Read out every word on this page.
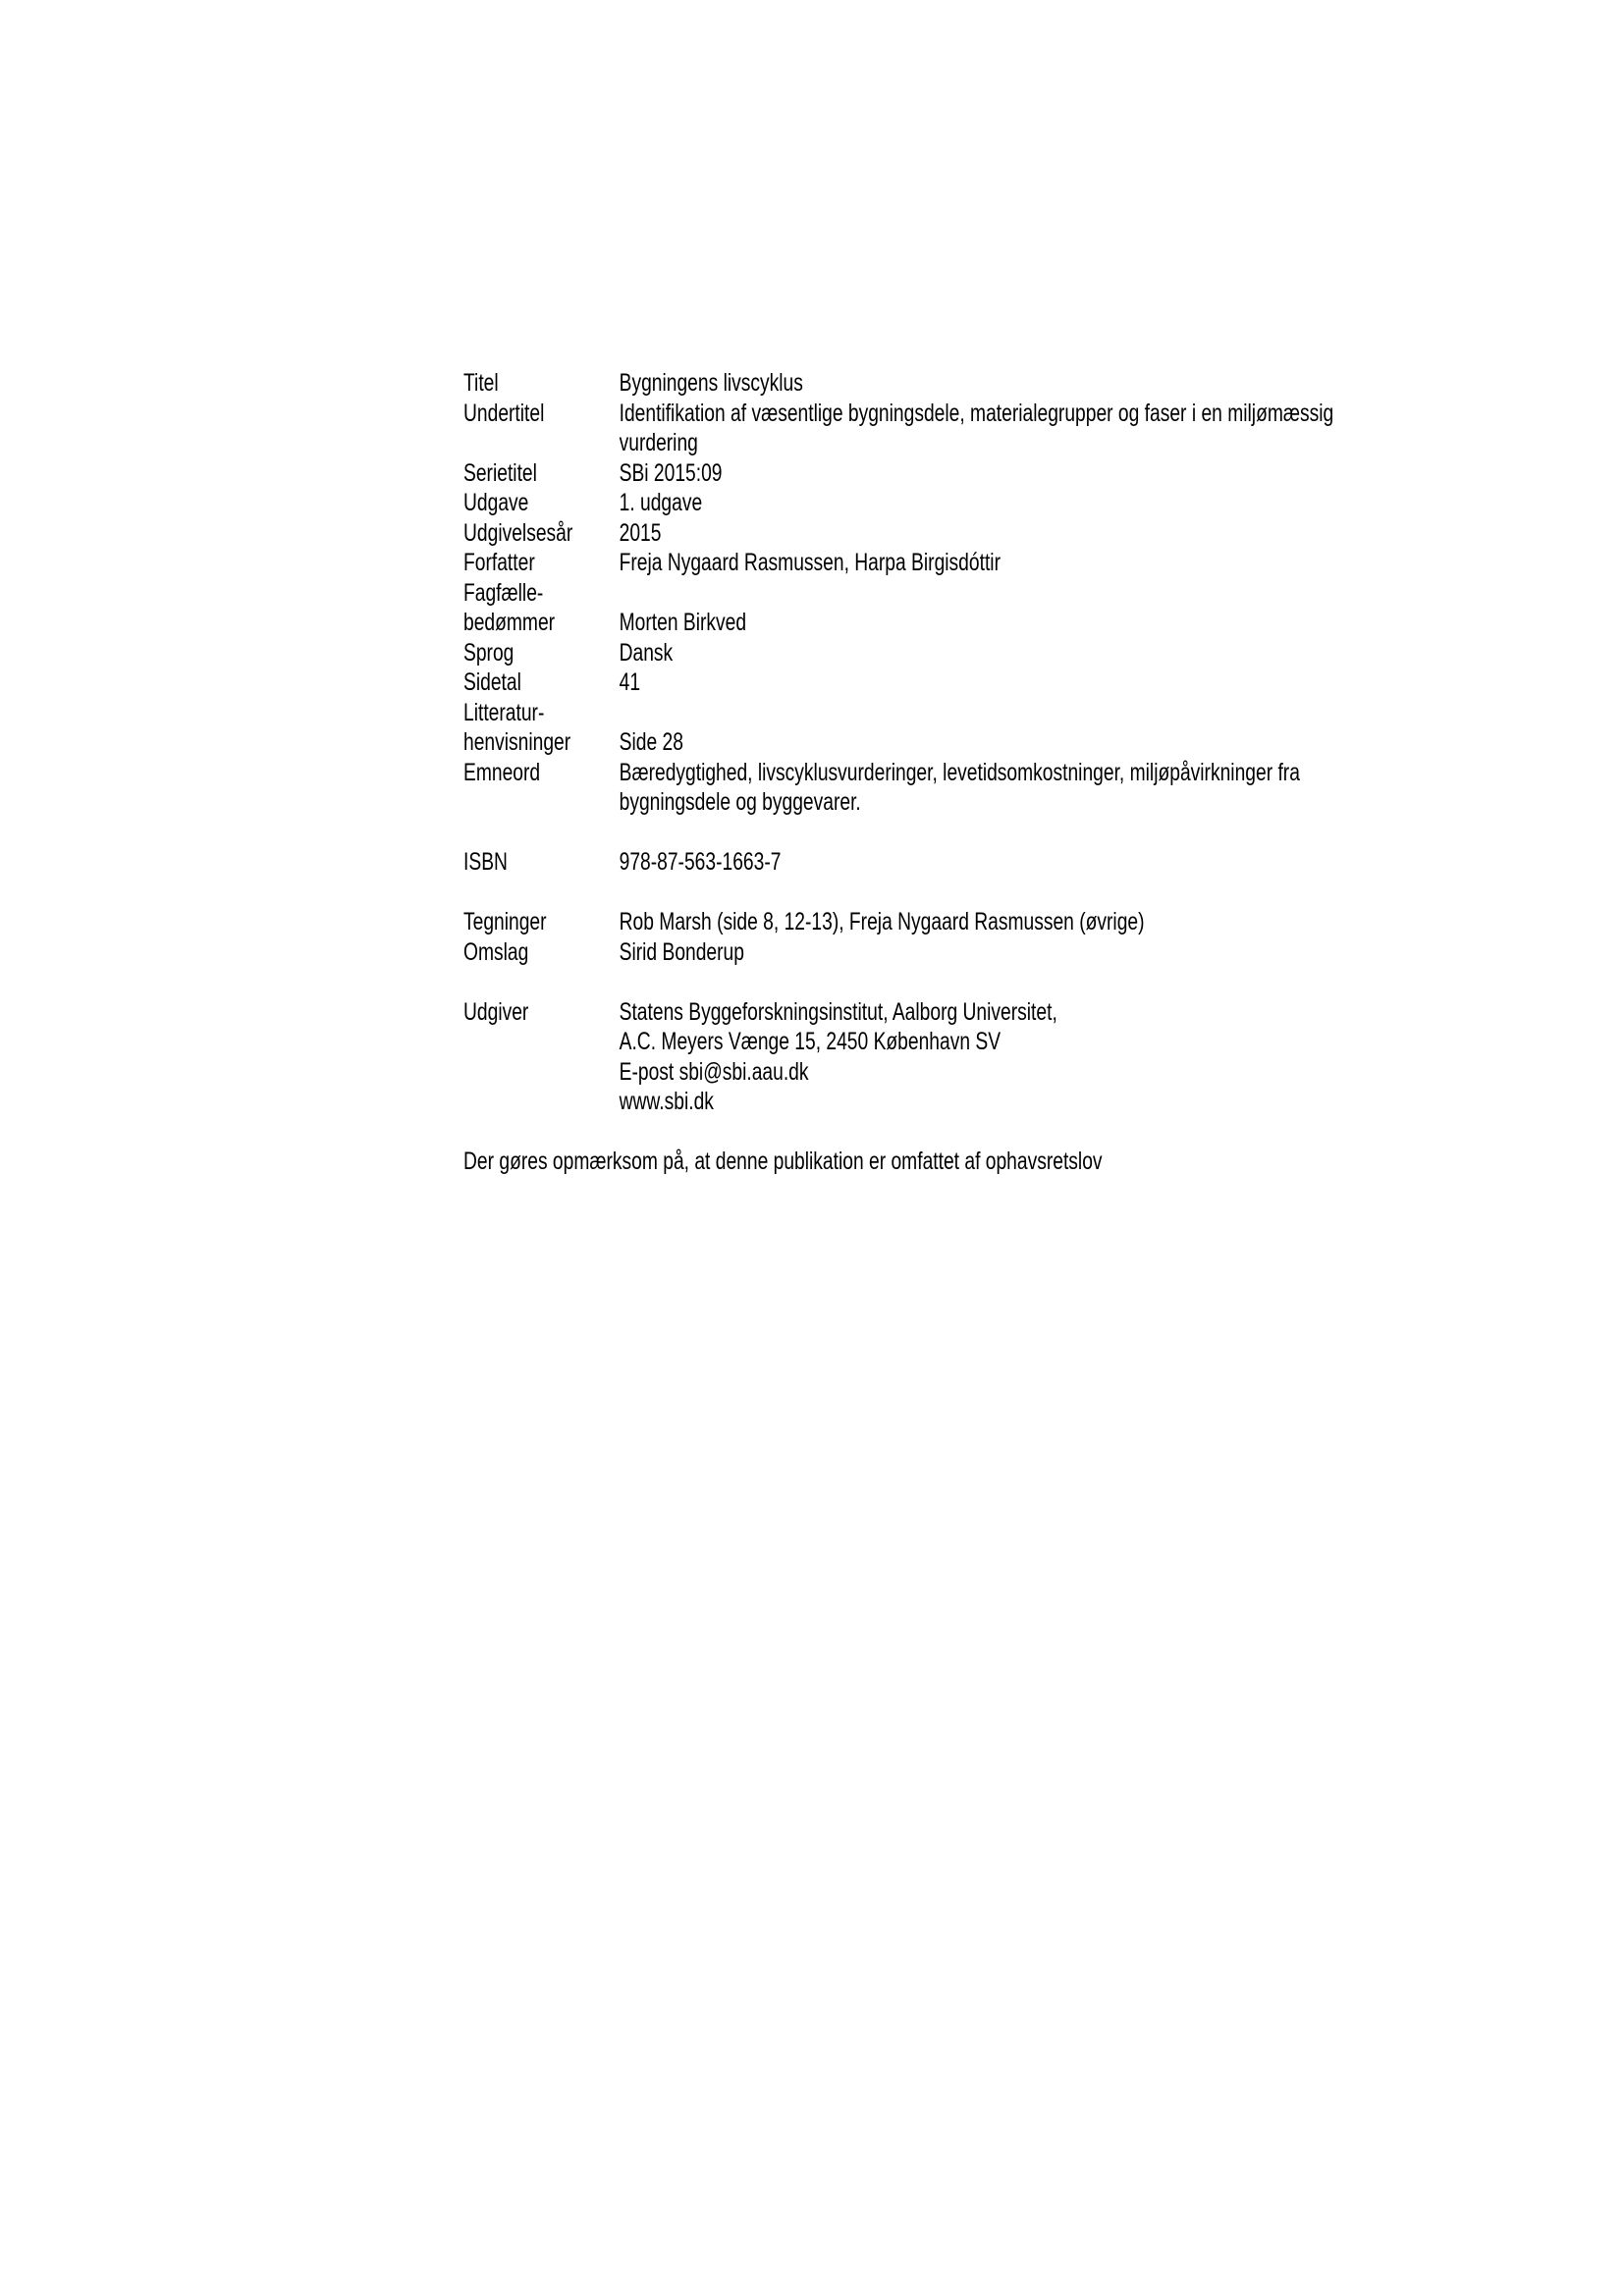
Titel	Bygningens livscyklus
Undertitel	Identifikation af væsentlige bygningsdele, materialegrupper og faser i en miljømæssig
vurdering
Serietitel	SBi 2015:09
Udgave	1. udgave
Udgivelsesår	2015
Forfatter	Freja Nygaard Rasmussen, Harpa Birgisdóttir
Fagfælle-
bedømmer	Morten Birkved
Sprog	Dansk
Sidetal	41
Litteratur-
henvisninger	Side 28
Emneord	Bæredygtighed, livscyklusvurderinger, levetidsomkostninger, miljøpåvirkninger fra
bygningsdele og byggevarer.
ISBN	978-87-563-1663-7
Tegninger	Rob Marsh (side 8, 12-13), Freja Nygaard Rasmussen (øvrige)
Omslag	Sirid Bonderup
Udgiver	Statens Byggeforskningsinstitut, Aalborg Universitet,
A.C. Meyers Vænge 15, 2450 København SV
E-post sbi@sbi.aau.dk
www.sbi.dk
Der gøres opmærksom på, at denne publikation er omfattet af ophavsretslov
